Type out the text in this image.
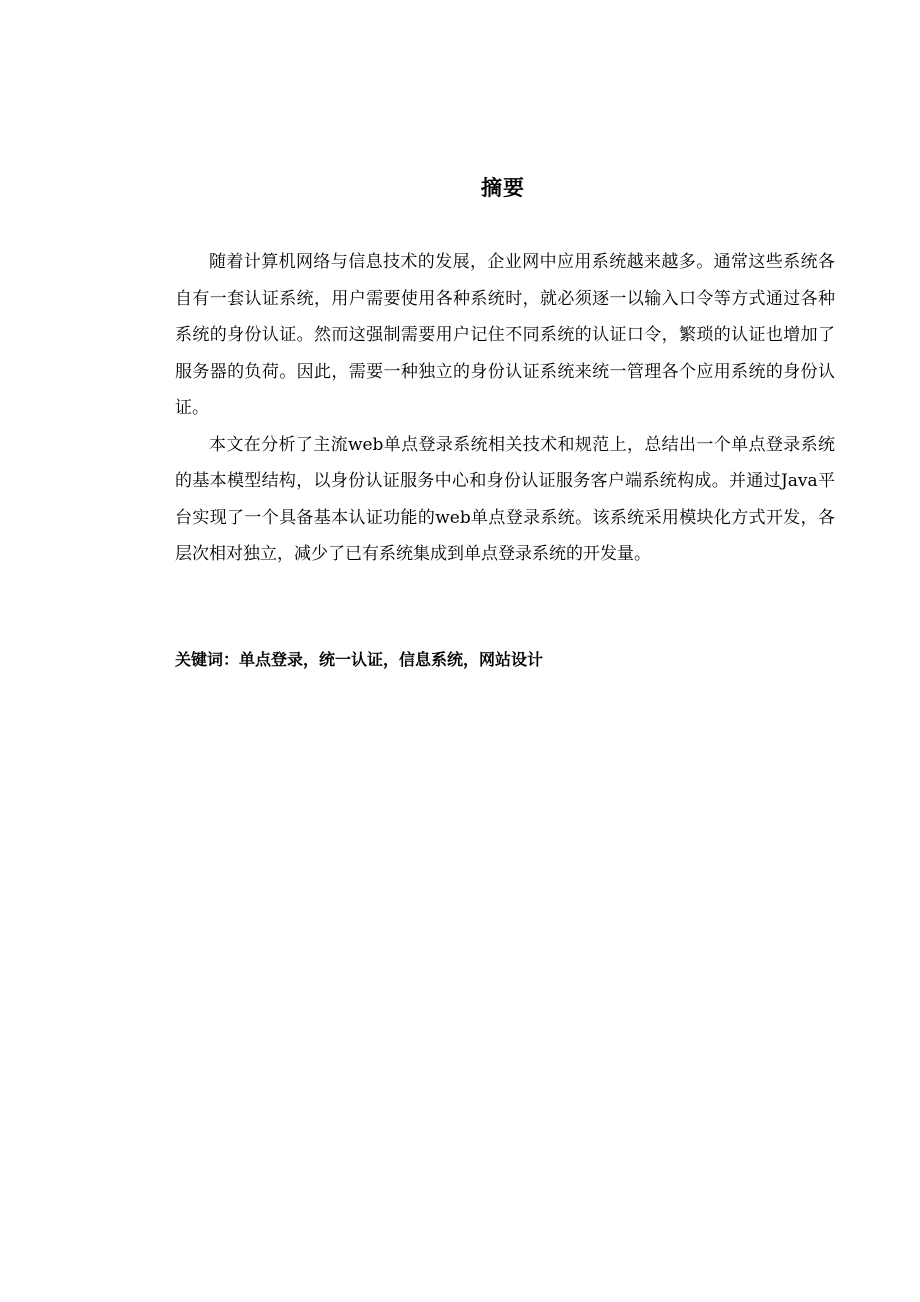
摘要

随着计算机网络与信息技术的发展，企业网中应用系统越来越多。通常这些系统各自有一套认证系统，用户需要使用各种系统时，就必须逐一以输入口令等方式通过各种系统的身份认证。然而这强制需要用户记住不同系统的认证口令，繁琐的认证也增加了服务器的负荷。因此，需要一种独立的身份认证系统来统一管理各个应用系统的身份认证。

本文在分析了主流web单点登录系统相关技术和规范上，总结出一个单点登录系统的基本模型结构，以身份认证服务中心和身份认证服务客户端系统构成。并通过Java平台实现了一个具备基本认证功能的web单点登录系统。该系统采用模块化方式开发，各层次相对独立，减少了已有系统集成到单点登录系统的开发量。

关键词：单点登录，统一认证，信息系统，网站设计
